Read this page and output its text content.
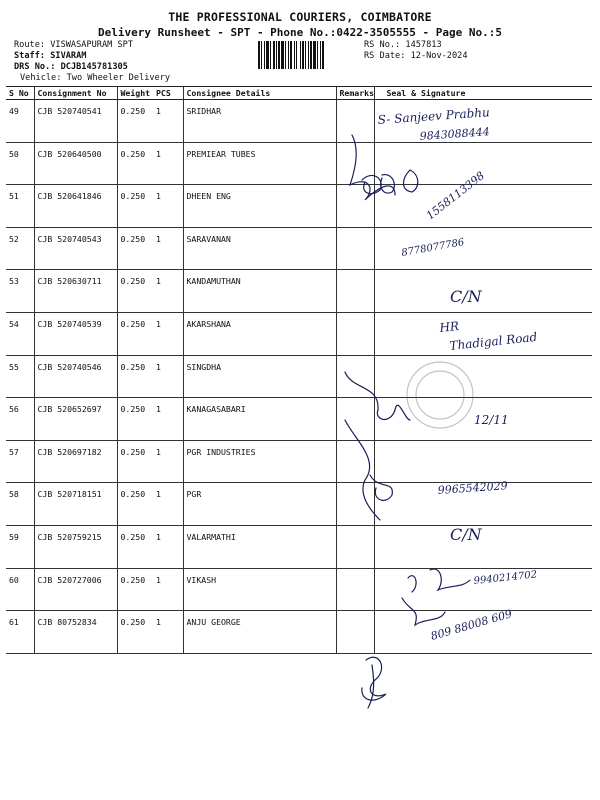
THE PROFESSIONAL COURIERS, COIMBATORE
Delivery Runsheet - SPT - Phone No.:0422-3505555 - Page No.:5
Route: VISWASAPURAM SPT
Staff: SIVARAM
DRS No.: DCJB145781305
Vehicle: Two Wheeler Delivery
RS No.: 1457813
RS Date: 12-Nov-2024
S No	Consignment No	Weight	PCS	Consignee Details	Remarks	Seal & Signature
49	CJB 520740541	0.250	1	SRIDHAR		
50	CJB 520640500	0.250	1	PREMIEAR TUBES		
51	CJB 520641846	0.250	1	DHEEN ENG		
52	CJB 520740543	0.250	1	SARAVANAN		
53	CJB 520630711	0.250	1	KANDAMUTHAN		
54	CJB 520740539	0.250	1	AKARSHANA		
55	CJB 520740546	0.250	1	SINGDHA		
56	CJB 520652697	0.250	1	KANAGASABARI		
57	CJB 520697182	0.250	1	PGR INDUSTRIES		
58	CJB 520718151	0.250	1	PGR		
59	CJB 520759215	0.250	1	VALARMATHI		
60	CJB 520727006	0.250	1	VIKASH		
61	CJB 80752834	0.250	1	ANJU GEORGE		
S- Sanjeev Prabhu
9843088444
1558113398
8778077786
C/N
HR
Thadigal Road
12/11
9965542029
C/N
9940214702
809 88008 609
